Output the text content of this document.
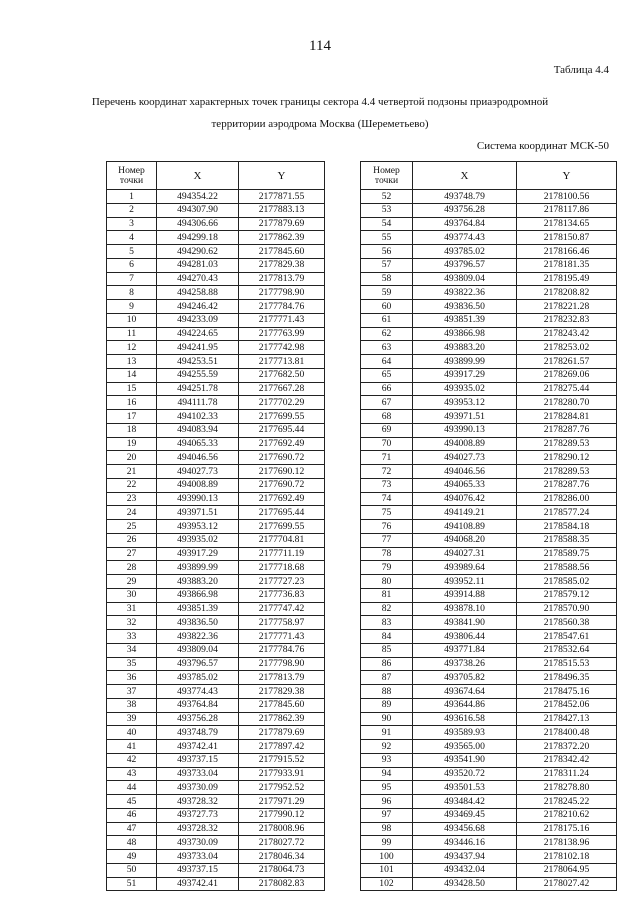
114
Таблица 4.4
Перечень координат характерных точек границы сектора 4.4 четвертой подзоны приаэродромной
территории аэродрома Москва (Шереметьево)
Система координат МСК-50
Номер
точки	X	Y
1	494354.22	2177871.55
2	494307.90	2177883.13
3	494306.66	2177879.69
4	494299.18	2177862.39
5	494290.62	2177845.60
6	494281.03	2177829.38
7	494270.43	2177813.79
8	494258.88	2177798.90
9	494246.42	2177784.76
10	494233.09	2177771.43
11	494224.65	2177763.99
12	494241.95	2177742.98
13	494253.51	2177713.81
14	494255.59	2177682.50
15	494251.78	2177667.28
16	494111.78	2177702.29
17	494102.33	2177699.55
18	494083.94	2177695.44
19	494065.33	2177692.49
20	494046.56	2177690.72
21	494027.73	2177690.12
22	494008.89	2177690.72
23	493990.13	2177692.49
24	493971.51	2177695.44
25	493953.12	2177699.55
26	493935.02	2177704.81
27	493917.29	2177711.19
28	493899.99	2177718.68
29	493883.20	2177727.23
30	493866.98	2177736.83
31	493851.39	2177747.42
32	493836.50	2177758.97
33	493822.36	2177771.43
34	493809.04	2177784.76
35	493796.57	2177798.90
36	493785.02	2177813.79
37	493774.43	2177829.38
38	493764.84	2177845.60
39	493756.28	2177862.39
40	493748.79	2177879.69
41	493742.41	2177897.42
42	493737.15	2177915.52
43	493733.04	2177933.91
44	493730.09	2177952.52
45	493728.32	2177971.29
46	493727.73	2177990.12
47	493728.32	2178008.96
48	493730.09	2178027.72
49	493733.04	2178046.34
50	493737.15	2178064.73
51	493742.41	2178082.83
Номер
точки	X	Y
52	493748.79	2178100.56
53	493756.28	2178117.86
54	493764.84	2178134.65
55	493774.43	2178150.87
56	493785.02	2178166.46
57	493796.57	2178181.35
58	493809.04	2178195.49
59	493822.36	2178208.82
60	493836.50	2178221.28
61	493851.39	2178232.83
62	493866.98	2178243.42
63	493883.20	2178253.02
64	493899.99	2178261.57
65	493917.29	2178269.06
66	493935.02	2178275.44
67	493953.12	2178280.70
68	493971.51	2178284.81
69	493990.13	2178287.76
70	494008.89	2178289.53
71	494027.73	2178290.12
72	494046.56	2178289.53
73	494065.33	2178287.76
74	494076.42	2178286.00
75	494149.21	2178577.24
76	494108.89	2178584.18
77	494068.20	2178588.35
78	494027.31	2178589.75
79	493989.64	2178588.56
80	493952.11	2178585.02
81	493914.88	2178579.12
82	493878.10	2178570.90
83	493841.90	2178560.38
84	493806.44	2178547.61
85	493771.84	2178532.64
86	493738.26	2178515.53
87	493705.82	2178496.35
88	493674.64	2178475.16
89	493644.86	2178452.06
90	493616.58	2178427.13
91	493589.93	2178400.48
92	493565.00	2178372.20
93	493541.90	2178342.42
94	493520.72	2178311.24
95	493501.53	2178278.80
96	493484.42	2178245.22
97	493469.45	2178210.62
98	493456.68	2178175.16
99	493446.16	2178138.96
100	493437.94	2178102.18
101	493432.04	2178064.95
102	493428.50	2178027.42
